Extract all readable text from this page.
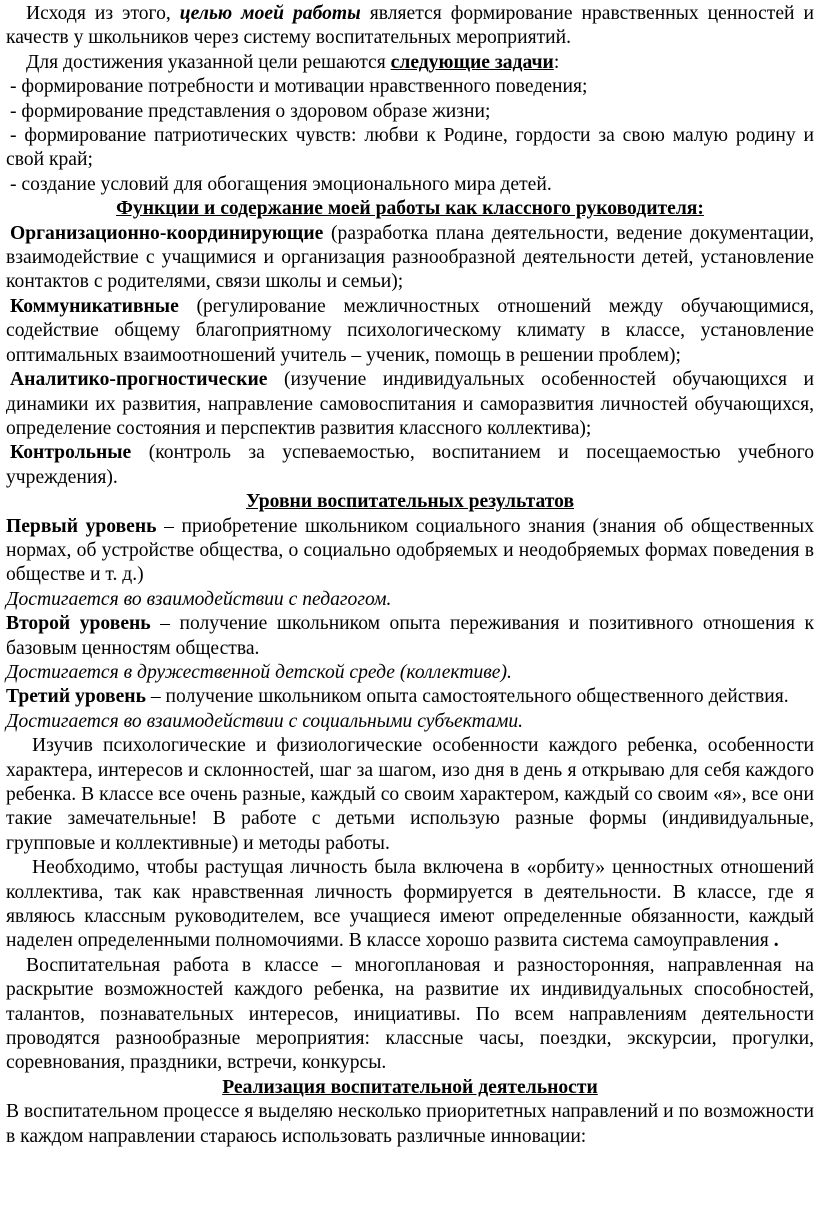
Исходя из этого, целью моей работы является формирование нравственных ценностей и качеств у школьников через систему воспитательных мероприятий.

Для достижения указанной цели решаются следующие задачи:

- формирование потребности и мотивации нравственного поведения;

- формирование представления о здоровом образе жизни;

- формирование патриотических чувств: любви к Родине, гордости за свою малую родину и свой край;

- создание условий для обогащения эмоционального мира детей.

Функции и содержание моей работы как классного руководителя:

Организационно-координирующие (разработка плана деятельности, ведение документации, взаимодействие с учащимися и организация разнообразной деятельности детей, установление контактов с родителями, связи школы и семьи);

Коммуникативные (регулирование межличностных отношений между обучающимися, содействие общему благоприятному психологическому климату в классе, установление оптимальных взаимоотношений учитель – ученик, помощь в решении проблем);

Аналитико-прогностические (изучение индивидуальных особенностей обучающихся и динамики их развития, направление самовоспитания и саморазвития личностей обучающихся, определение состояния и перспектив развития классного коллектива);

Контрольные (контроль за успеваемостью, воспитанием и посещаемостью учебного учреждения).

Уровни воспитательных результатов

Первый уровень – приобретение школьником социального знания (знания об общественных нормах, об устройстве общества, о социально одобряемых и неодобряемых формах поведения в обществе и т. д.)

Достигается во взаимодействии с педагогом.

Второй уровень – получение школьником опыта переживания и позитивного отношения к базовым ценностям общества.

Достигается в дружественной детской среде (коллективе).

Третий уровень – получение школьником опыта самостоятельного общественного действия.

Достигается во взаимодействии с социальными субъектами.

Изучив психологические и физиологические особенности каждого ребенка, особенности характера, интересов и склонностей, шаг за шагом, изо дня в день я открываю для себя каждого ребенка. В классе все очень разные, каждый со своим характером, каждый со своим «я», все они такие замечательные! В работе с детьми использую разные формы (индивидуальные, групповые и коллективные) и методы работы.

Необходимо, чтобы растущая личность была включена в «орбиту» ценностных отношений коллектива, так как нравственная личность формируется в деятельности. В классе, где я являюсь классным руководителем, все учащиеся имеют определенные обязанности, каждый наделен определенными полномочиями. В классе хорошо развита система самоуправления .

Воспитательная работа в классе – многоплановая и разносторонняя, направленная на раскрытие возможностей каждого ребенка, на развитие их индивидуальных способностей, талантов, познавательных интересов, инициативы. По всем направлениям деятельности проводятся разнообразные мероприятия: классные часы, поездки, экскурсии, прогулки, соревнования, праздники, встречи, конкурсы.

Реализация воспитательной деятельности

В воспитательном процессе я выделяю несколько приоритетных направлений и по возможности в каждом направлении стараюсь использовать различные инновации:
